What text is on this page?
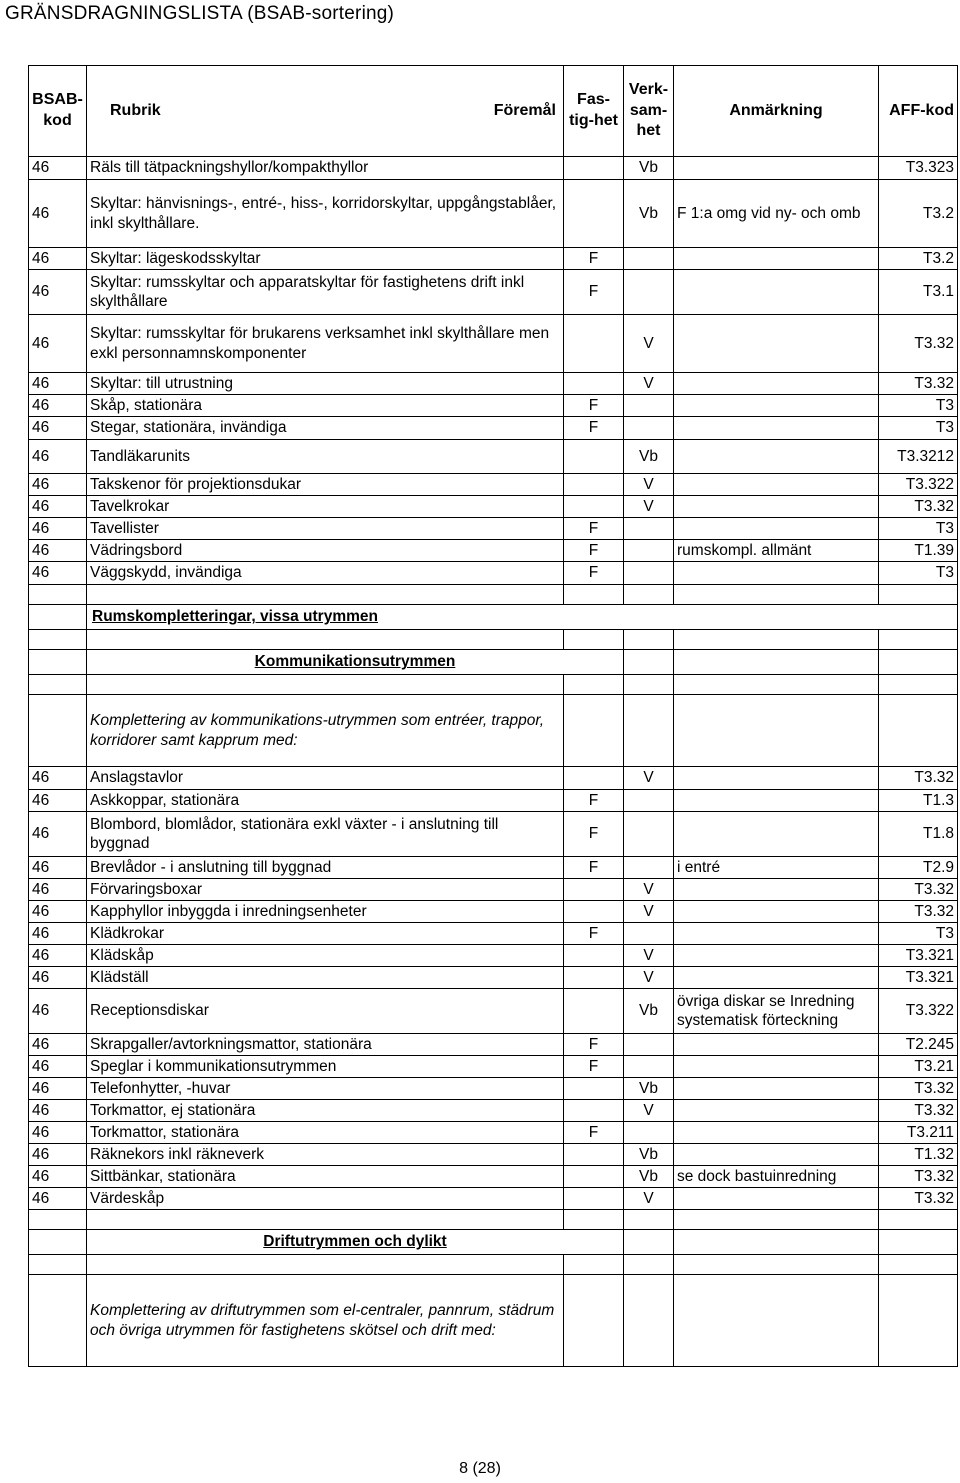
GRÄNSDRAGNINGSLISTA (BSAB-sortering)
BSAB-kod	Rubrik Föremål	Fas-tig-het	Verk-sam-het	Anmärkning	AFF-kod
46	Räls till tätpackningshyllor/kompakthyllor		Vb		T3.323
46	Skyltar: hänvisnings-, entré-, hiss-, korridorskyltar, uppgångstablåer, inkl skylthållare.		Vb	F 1:a omg vid ny- och omb	T3.2
46	Skyltar: lägeskodsskyltar	F			T3.2
46	Skyltar: rumsskyltar och apparatskyltar för fastighetens drift inkl skylthållare	F			T3.1
46	Skyltar: rumsskyltar för brukarens verksamhet inkl skylthållare men exkl personnamnskomponenter		V		T3.32
46	Skyltar: till utrustning		V		T3.32
46	Skåp, stationära	F			T3
46	Stegar, stationära, invändiga	F			T3
46	Tandläkarunits		Vb		T3.3212
46	Takskenor för projektionsdukar		V		T3.322
46	Tavelkrokar		V		T3.32
46	Tavellister	F			T3
46	Vädringsbord	F		rumskompl. allmänt	T1.39
46	Väggskydd, invändiga	F			T3

	Rumskompletteringar, vissa utrymmen				

	Kommunikationsutrymmen				

	Komplettering av kommunikations-utrymmen som entréer, trappor, korridorer samt kapprum med:				
46	Anslagstavlor		V		T3.32
46	Askkoppar, stationära	F			T1.3
46	Blombord, blomlådor, stationära exkl växter - i anslutning till byggnad	F			T1.8
46	Brevlådor - i anslutning till byggnad	F		i entré	T2.9
46	Förvaringsboxar		V		T3.32
46	Kapphyllor inbyggda i inredningsenheter		V		T3.32
46	Klädkrokar	F			T3
46	Klädskåp		V		T3.321
46	Klädställ		V		T3.321
46	Receptionsdiskar		Vb	övriga diskar se Inredning systematisk förteckning	T3.322
46	Skrapgaller/avtorkningsmattor, stationära	F			T2.245
46	Speglar i kommunikationsutrymmen	F			T3.21
46	Telefonhytter, -huvar		Vb		T3.32
46	Torkmattor, ej stationära		V		T3.32
46	Torkmattor, stationära	F			T3.211
46	Räknekors inkl räkneverk		Vb		T1.32
46	Sittbänkar, stationära		Vb	se dock bastuinredning	T3.32
46	Värdeskåp		V		T3.32

	Driftutrymmen och dylikt				

	Komplettering av driftutrymmen som el-centraler, pannrum, städrum och övriga utrymmen för fastighetens skötsel och drift med:				
8 (28)
